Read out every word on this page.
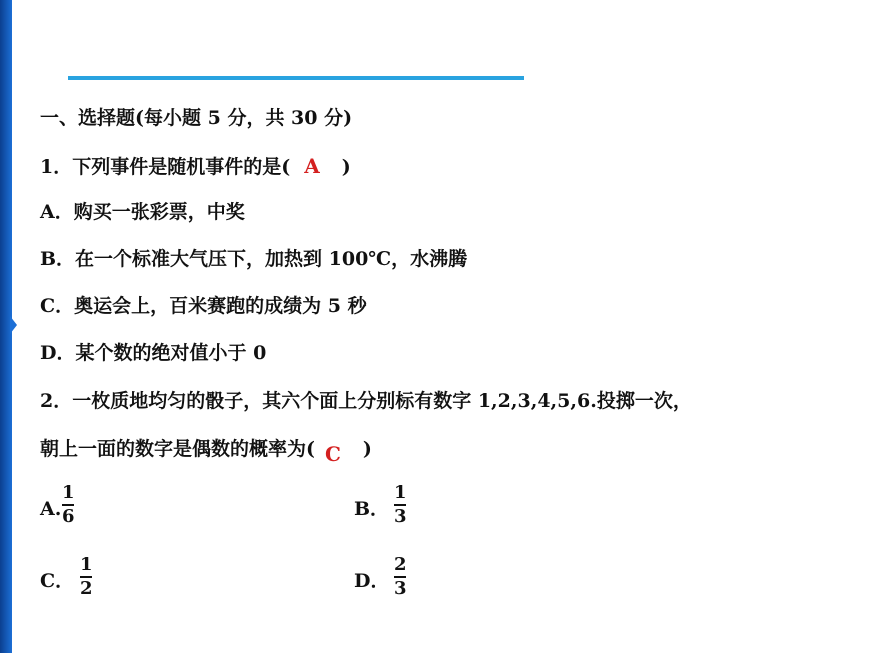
一、选择题(每小题 5 分，共 30 分)
1．下列事件是随机事件的是( A )
A．购买一张彩票，中奖
B．在一个标准大气压下，加热到 100℃，水沸腾
C．奥运会上，百米赛跑的成绩为 5 秒
D．某个数的绝对值小于 0
2．一枚质地均匀的骰子，其六个面上分别标有数字 1,2,3,4,5,6.投掷一次，
朝上一面的数字是偶数的概率为( C )
A.
1
6	B．
1
3
C．
1
2	D．
2
3
